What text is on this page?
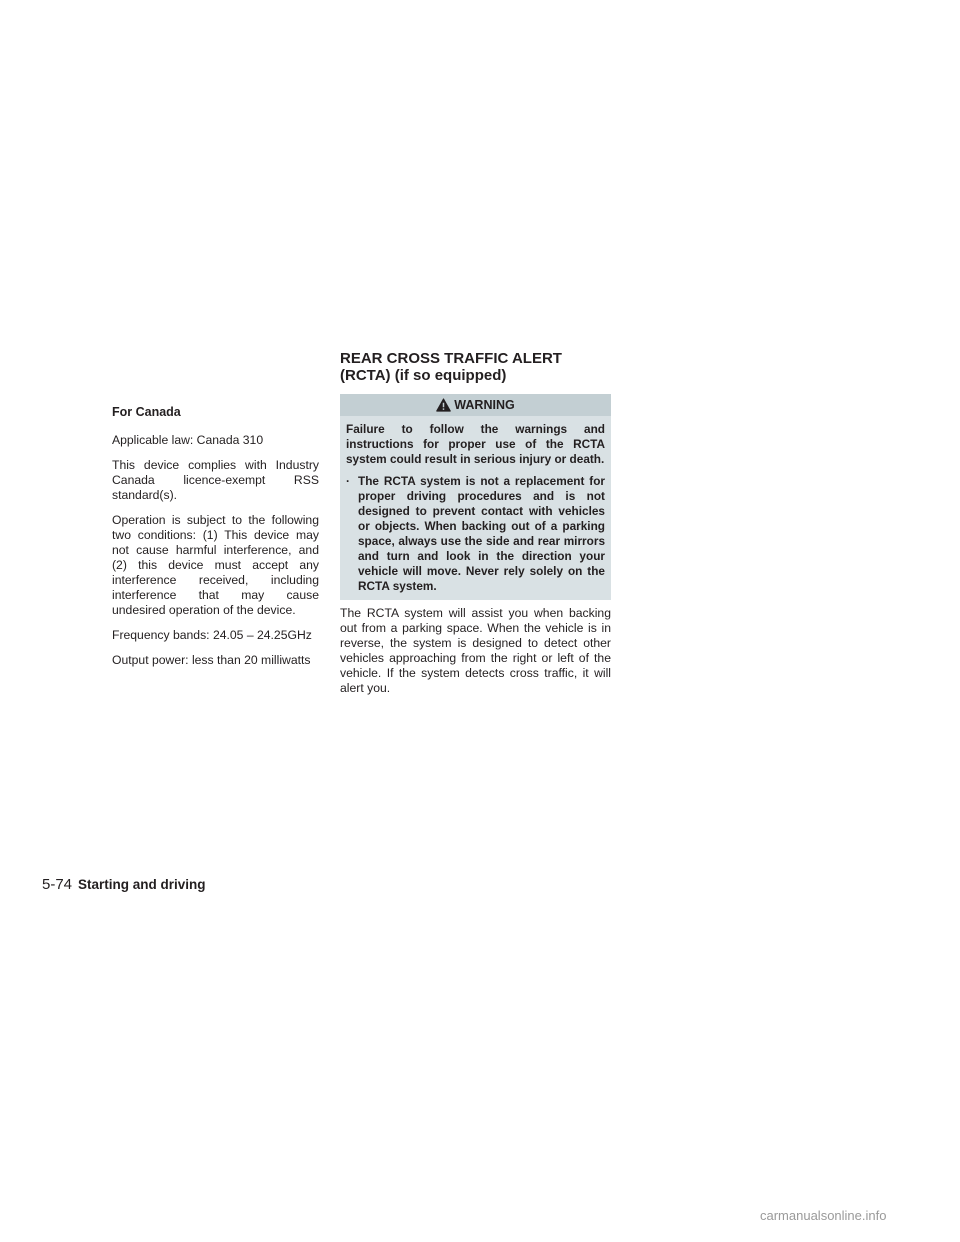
For Canada

Applicable law: Canada 310

This device complies with Industry Canada licence-exempt RSS standard(s).

Operation is subject to the following two conditions: (1) This device may not cause harmful interference, and (2) this device must accept any interference received, including interference that may cause undesired operation of the device.

Frequency bands: 24.05 – 24.25GHz

Output power: less than 20 milliwatts

REAR CROSS TRAFFIC ALERT
(RCTA) (if so equipped)
WARNING

Failure to follow the warnings and instructions for proper use of the RCTA system could result in serious injury or death.

· The RCTA system is not a replacement for proper driving procedures and is not designed to prevent contact with vehicles or objects. When backing out of a parking space, always use the side and rear mirrors and turn and look in the direction your vehicle will move. Never rely solely on the RCTA system.

The RCTA system will assist you when backing out from a parking space. When the vehicle is in reverse, the system is designed to detect other vehicles approaching from the right or left of the vehicle. If the system detects cross traffic, it will alert you.

5-74 Starting and driving
carmanualsonline.info
